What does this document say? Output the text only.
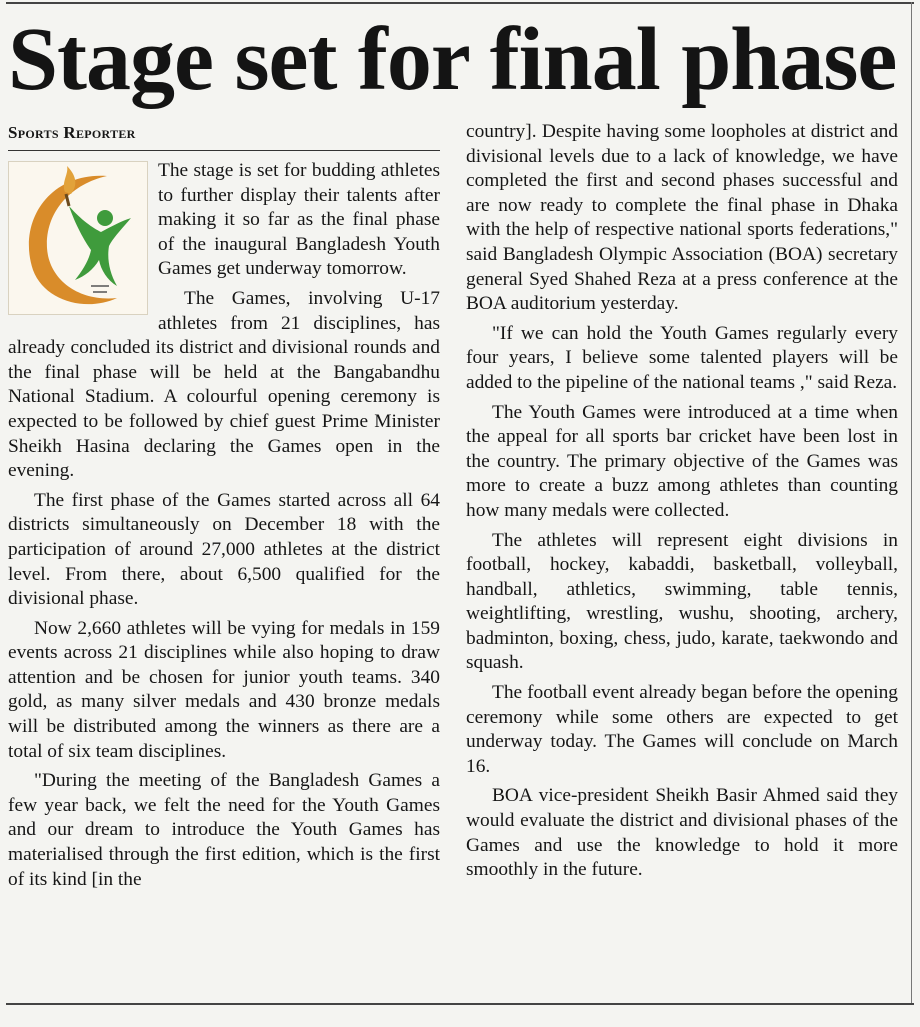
Stage set for final phase
Sports Reporter

The stage is set for budding athletes to further display their talents after making it so far as the final phase of the inaugural Bangladesh Youth Games get underway tomorrow.

The Games, involving U-17 athletes from 21 disciplines, has already concluded its district and divisional rounds and the final phase will be held at the Bangabandhu National Stadium. A colourful opening ceremony is expected to be followed by chief guest Prime Minister Sheikh Hasina declaring the Games open in the evening.

The first phase of the Games started across all 64 districts simultaneously on December 18 with the participation of around 27,000 athletes at the district level. From there, about 6,500 qualified for the divisional phase.

Now 2,660 athletes will be vying for medals in 159 events across 21 disciplines while also hoping to draw attention and be chosen for junior youth teams. 340 gold, as many silver medals and 430 bronze medals will be distributed among the winners as there are a total of six team disciplines.

"During the meeting of the Bangladesh Games a few year back, we felt the need for the Youth Games and our dream to introduce the Youth Games has materialised through the first edition, which is the first of its kind [in the

country]. Despite having some loopholes at district and divisional levels due to a lack of knowledge, we have completed the first and second phases successful and are now ready to complete the final phase in Dhaka with the help of respective national sports federations," said Bangladesh Olympic Association (BOA) secretary general Syed Shahed Reza at a press conference at the BOA auditorium yesterday.

"If we can hold the Youth Games regularly every four years, I believe some talented players will be added to the pipeline of the national teams ," said Reza.

The Youth Games were introduced at a time when the appeal for all sports bar cricket have been lost in the country. The primary objective of the Games was more to create a buzz among athletes than counting how many medals were collected.

The athletes will represent eight divisions in football, hockey, kabaddi, basketball, volleyball, handball, athletics, swimming, table tennis, weightlifting, wrestling, wushu, shooting, archery, badminton, boxing, chess, judo, karate, taekwondo and squash.

The football event already began before the opening ceremony while some others are expected to get underway today. The Games will conclude on March 16.

BOA vice-president Sheikh Basir Ahmed said they would evaluate the district and divisional phases of the Games and use the knowledge to hold it more smoothly in the future.
